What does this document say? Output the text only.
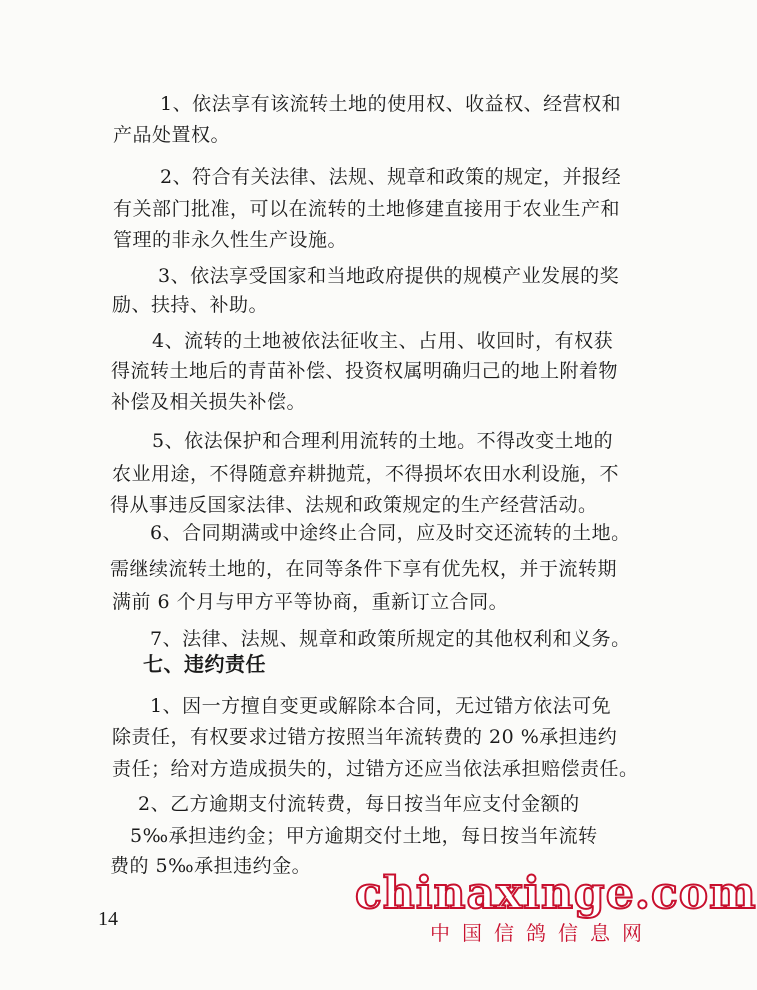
1、依法享有该流转土地的使用权、收益权、经营权和
产品处置权。
2、符合有关法律、法规、规章和政策的规定，并报经
有关部门批准，可以在流转的土地修建直接用于农业生产和
管理的非永久性生产设施。
3、依法享受国家和当地政府提供的规模产业发展的奖
励、扶持、补助。
4、流转的土地被依法征收主、占用、收回时，有权获
得流转土地后的青苗补偿、投资权属明确归己的地上附着物
补偿及相关损失补偿。
5、依法保护和合理利用流转的土地。不得改变土地的
农业用途，不得随意弃耕抛荒，不得损坏农田水利设施，不
得从事违反国家法律、法规和政策规定的生产经营活动。
6、合同期满或中途终止合同，应及时交还流转的土地。
需继续流转土地的，在同等条件下享有优先权，并于流转期
满前 6 个月与甲方平等协商，重新订立合同。
7、法律、法规、规章和政策所规定的其他权利和义务。
七、违约责任
1、因一方擅自变更或解除本合同，无过错方依法可免
除责任，有权要求过错方按照当年流转费的 20 %承担违约
责任；给对方造成损失的，过错方还应当依法承担赔偿责任。
2、乙方逾期支付流转费，每日按当年应支付金额的
5‰承担违约金；甲方逾期交付土地，每日按当年流转
费的 5‰承担违约金。
14	chinaxinge.com
中国信鸽信息网
